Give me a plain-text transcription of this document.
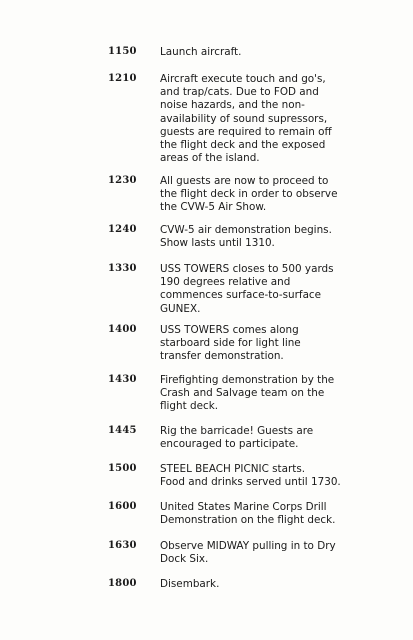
1150 Launch aircraft.
1210 Aircraft execute touch and go's,
and trap/cats. Due to FOD and
noise hazards, and the non-
availability of sound supressors,
guests are required to remain off
the flight deck and the exposed
areas of the island.
1230 All guests are now to proceed to
the flight deck in order to observe
the CVW-5 Air Show.
1240 CVW-5 air demonstration begins.
Show lasts until 1310.
1330 USS TOWERS closes to 500 yards
190 degrees relative and
commences surface-to-surface
GUNEX.
1400 USS TOWERS comes along
starboard side for light line
transfer demonstration.
1430 Firefighting demonstration by the
Crash and Salvage team on the
flight deck.
1445 Rig the barricade! Guests are
encouraged to participate.
1500 STEEL BEACH PICNIC starts.
Food and drinks served until 1730.
1600 United States Marine Corps Drill
Demonstration on the flight deck.
1630 Observe MIDWAY pulling in to Dry
Dock Six.
1800 Disembark.
